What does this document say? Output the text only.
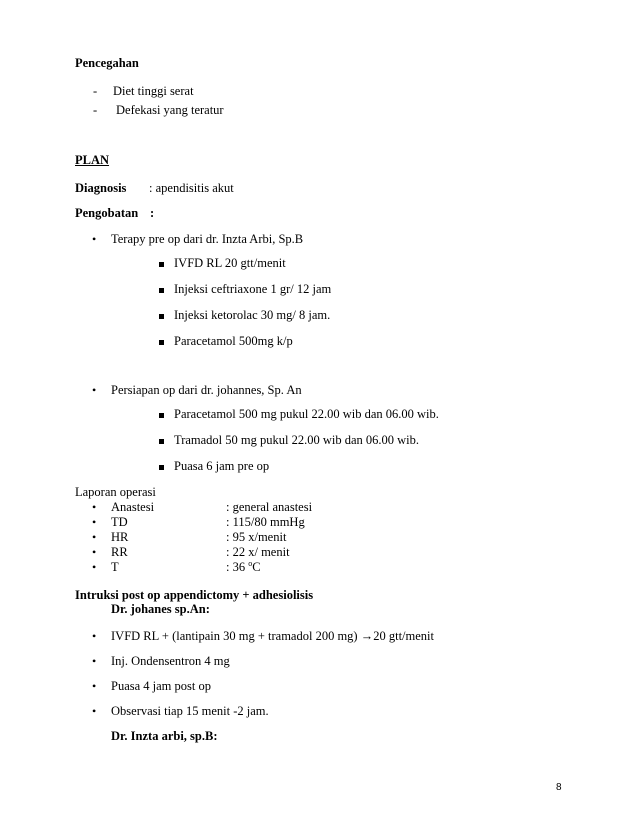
Pencegahan
- Diet tinggi serat
- Defekasi yang teratur
PLAN
Diagnosis : apendisitis akut
Pengobatan :
• Terapy pre op dari dr. Inzta Arbi, Sp.B
IVFD RL 20 gtt/menit
Injeksi ceftriaxone 1 gr/ 12 jam
Injeksi ketorolac 30 mg/ 8 jam.
Paracetamol 500mg k/p
• Persiapan op dari dr. johannes, Sp. An
Paracetamol 500 mg pukul 22.00 wib dan 06.00 wib.
Tramadol 50 mg pukul 22.00 wib dan 06.00 wib.
Puasa 6 jam pre op
Laporan operasi
• Anastesi	: general anastesi
• TD	: 115/80 mmHg
• HR	: 95 x/menit
• RR	: 22 x/ menit
• T	: 36 $^o$C
Intruksi post op appendictomy + adhesiolisis
Dr. johanes sp.An:
• IVFD RL + (lantipain 30 mg + tramadol 200 mg) →20 gtt/menit
• Inj. Ondensentron 4 mg
• Puasa 4 jam post op
• Observasi tiap 15 menit -2 jam.
Dr. Inzta arbi, sp.B:
8
